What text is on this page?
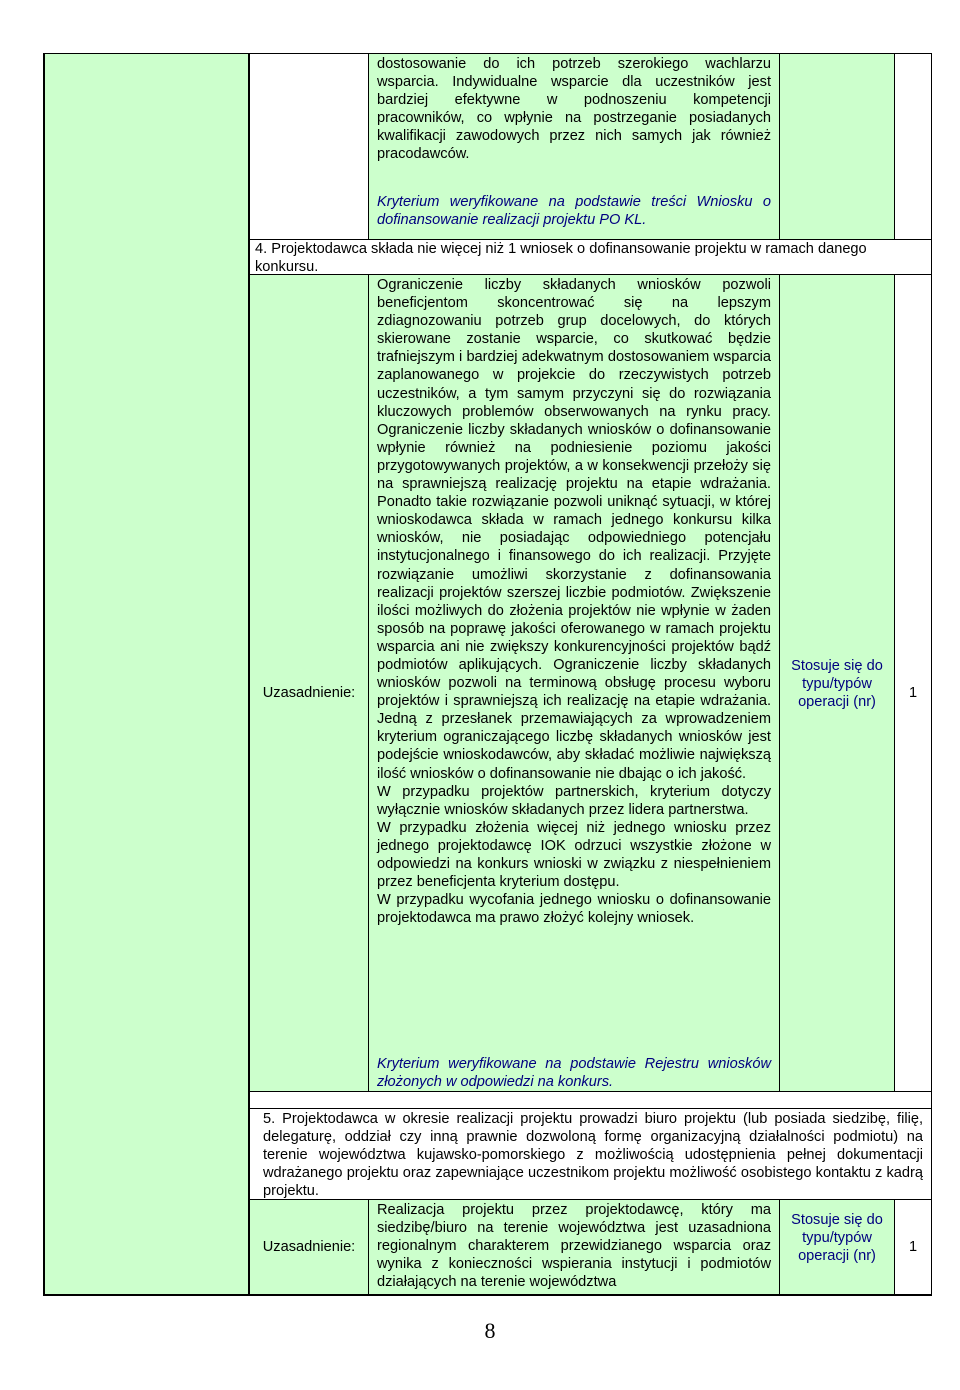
dostosowanie do ich potrzeb szerokiego wachlarzu wsparcia. Indywidualne wsparcie dla uczestników jest bardziej efektywne w podnoszeniu kompetencji pracowników, co wpłynie na postrzeganie posiadanych kwalifikacji zawodowych przez nich samych jak również pracodawców.
Kryterium weryfikowane na podstawie treści Wniosku o dofinansowanie realizacji projektu PO KL.
4. Projektodawca składa nie więcej niż 1 wniosek o dofinansowanie projektu w ramach danego konkursu.
Uzasadnienie:

Ograniczenie liczby składanych wniosków pozwoli beneficjentom skoncentrować się na lepszym zdiagnozowaniu potrzeb grup docelowych, do których skierowane zostanie wsparcie, co skutkować będzie trafniejszym i bardziej adekwatnym dostosowaniem wsparcia zaplanowanego w projekcie do rzeczywistych potrzeb uczestników, a tym samym przyczyni się do rozwiązania kluczowych problemów obserwowanych na rynku pracy. Ograniczenie liczby składanych wniosków o dofinansowanie wpłynie również na podniesienie poziomu jakości przygotowywanych projektów, a w konsekwencji przełoży się na sprawniejszą realizację projektu na etapie wdrażania. Ponadto takie rozwiązanie pozwoli uniknąć sytuacji, w której wnioskodawca składa w ramach jednego konkursu kilka wniosków, nie posiadając odpowiedniego potencjału instytucjonalnego i finansowego do ich realizacji. Przyjęte rozwiązanie umożliwi skorzystanie z dofinansowania realizacji projektów szerszej liczbie podmiotów. Zwiększenie ilości możliwych do złożenia projektów nie wpłynie w żaden sposób na poprawę jakości oferowanego w ramach projektu wsparcia ani nie zwiększy konkurencyjności projektów bądź podmiotów aplikujących. Ograniczenie liczby składanych wniosków pozwoli na terminową obsługę procesu wyboru projektów i sprawniejszą ich realizację na etapie wdrażania. Jedną z przesłanek przemawiających za wprowadzeniem kryterium ograniczającego liczbę składanych wniosków jest podejście wnioskodawców, aby składać możliwie największą ilość wniosków o dofinansowanie nie dbając o ich jakość.

W przypadku projektów partnerskich, kryterium dotyczy wyłącznie wniosków składanych przez lidera partnerstwa.

W przypadku złożenia więcej niż jednego wniosku przez jednego projektodawcę IOK odrzuci wszystkie złożone w odpowiedzi na konkurs wnioski w związku z niespełnieniem przez beneficjenta kryterium dostępu.

W przypadku wycofania jednego wniosku o dofinansowanie projektodawca ma prawo złożyć kolejny wniosek.

Kryterium weryfikowane na podstawie Rejestru wniosków złożonych w odpowiedzi na konkurs.
Stosuje się do typu/typów operacji (nr)
1
5. Projektodawca w okresie realizacji projektu prowadzi biuro projektu (lub posiada siedzibę, filię, delegaturę, oddział czy inną prawnie dozwoloną formę organizacyjną działalności podmiotu) na terenie województwa kujawsko-pomorskiego z możliwością udostępnienia pełnej dokumentacji wdrażanego projektu oraz zapewniające uczestnikom projektu możliwość osobistego kontaktu z kadrą projektu.
Uzasadnienie:
Realizacja projektu przez projektodawcę, który ma siedzibę/biuro na terenie województwa jest uzasadniona regionalnym charakterem przewidzianego wsparcia oraz wynika z konieczności wspierania instytucji i podmiotów działających na terenie województwa
Stosuje się do typu/typów operacji (nr)
1
8
